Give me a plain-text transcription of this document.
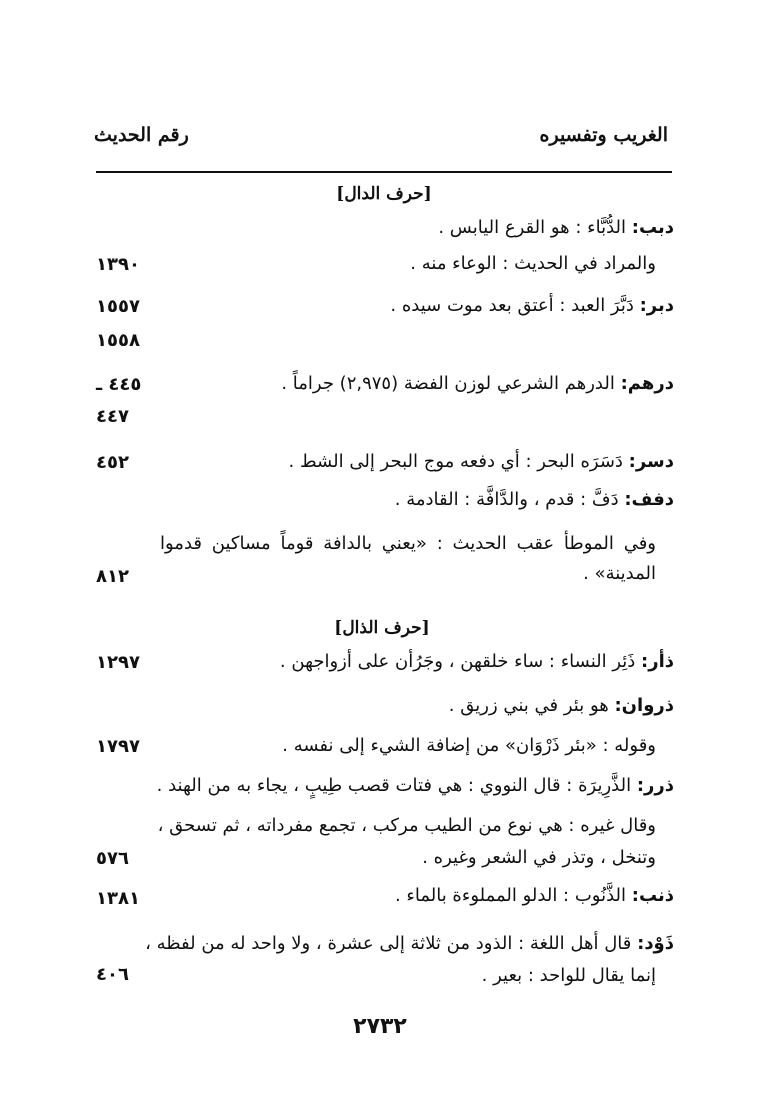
الغريب وتفسيره
رقم الحديث
[حرف الدال]
دبب: الدُّبَّاء : هو القرع اليابس .
والمراد في الحديث : الوعاء منه .
١٣٩٠
دبر: دَبَّرَ العبد : أعتق بعد موت سيده .
١٥٥٧
١٥٥٨
درهم: الدرهم الشرعي لوزن الفضة (٢,٩٧٥) جراماً .
٤٤٥ ـ
٤٤٧
دسر: دَسَرَه البحر : أي دفعه موج البحر إلى الشط .
٤٥٢
دفف: دَفَّ : قدم ، والدَّافَّة : القادمة .
وفي الموطأ عقب الحديث : «يعني بالدافة قوماً مساكين قدموا
المدينة» .
٨١٢
[حرف الذال]
ذأر: ذَئِر النساء : ساء خلقهن ، وجَرُأن على أزواجهن .
١٢٩٧
ذروان: هو بئر في بني زريق .
وقوله : «بئر ذَرْوَان» من إضافة الشيء إلى نفسه .
١٧٩٧
ذرر: الذَّرِيرَة : قال النووي : هي فتات قصب طِيبٍ ، يجاء به من الهند .
وقال غيره : هي نوع من الطيب مركب ، تجمع مفرداته ، ثم تسحق ،
وتنخل ، وتذر في الشعر وغيره .
٥٧٦
ذنب: الذَّنُوب : الدلو المملوءة بالماء .
١٣٨١
ذَوْد: قال أهل اللغة : الذود من ثلاثة إلى عشرة ، ولا واحد له من لفظه ،
إنما يقال للواحد : بعير .
٤٠٦
٢٧٣٢
